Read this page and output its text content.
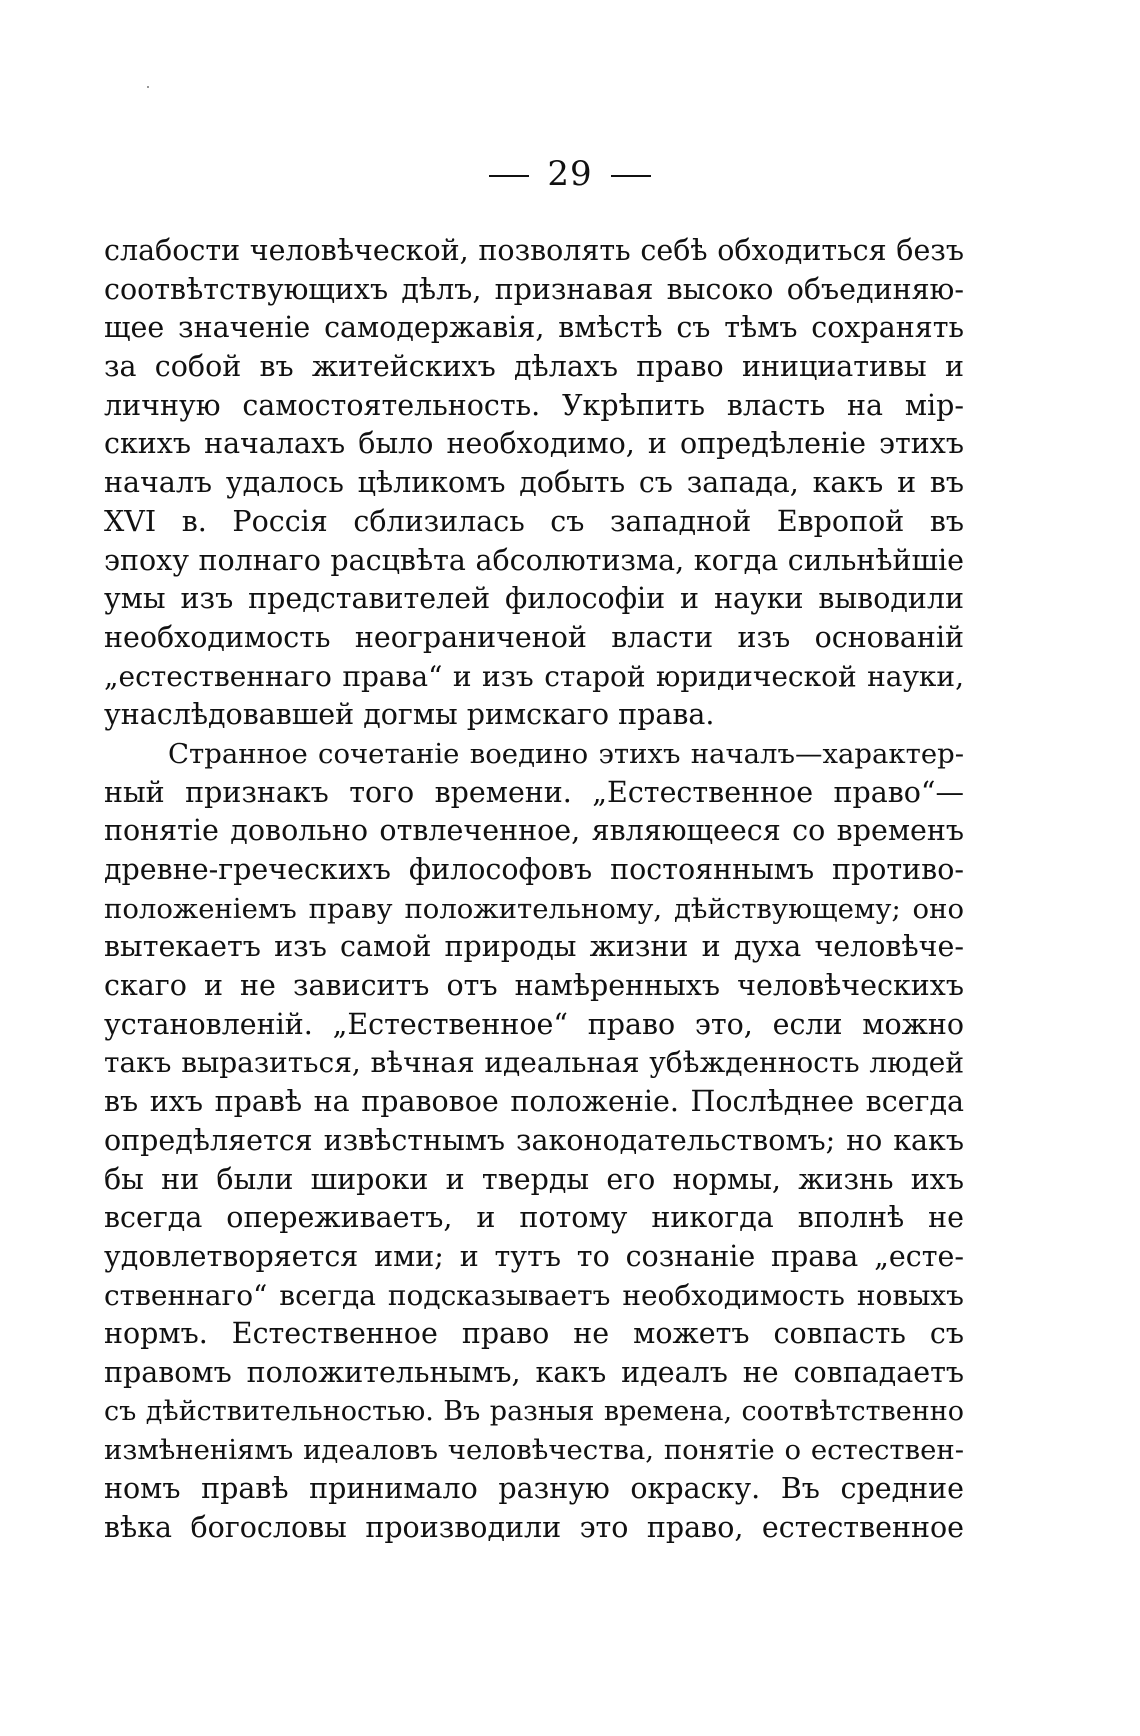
29
слабости человѣческой, позволять себѣ обходиться безъ
соотвѣтствующихъ дѣлъ, признавая высоко объединяю-
щее значенiе самодержавiя, вмѣстѣ съ тѣмъ сохранять
за собой въ житейскихъ дѣлахъ право инициативы и
личную самостоятельность. Укрѣпить власть на мiр-
скихъ началахъ было необходимо, и опредѣленiе этихъ
началъ удалось цѣликомъ добыть съ запада, какъ и въ
XVI в. Россiя сблизилась съ западной Европой въ
эпоху полнаго расцвѣта абсолютизма, когда сильнѣйшiе
умы изъ представителей философiи и науки выводили
необходимость неограниченой власти изъ основанiй
„естественнаго права“ и изъ старой юридической науки,
унаслѣдовавшей догмы римскаго права.
Странное сочетанiе воедино этихъ началъ—характер-
ный признакъ того времени. „Естественное право“—
понятiе довольно отвлеченное, являющееся со временъ
древне-греческихъ философовъ постояннымъ противо-
положенiемъ праву положительному, дѣйствующему; оно
вытекаетъ изъ самой природы жизни и духа человѣче-
скаго и не зависитъ отъ намѣренныхъ человѣческихъ
установленiй. „Естественное“ право это, если можно
такъ выразиться, вѣчная идеальная убѣжденность людей
въ ихъ правѣ на правовое положенiе. Послѣднее всегда
опредѣляется извѣстнымъ законодательствомъ; но какъ
бы ни были широки и тверды его нормы, жизнь ихъ
всегда опереживаетъ, и потому никогда вполнѣ не
удовлетворяется ими; и тутъ то сознанiе права „есте-
ственнаго“ всегда подсказываетъ необходимость новыхъ
нормъ. Естественное право не можетъ совпасть съ
правомъ положительнымъ, какъ идеалъ не совпадаетъ
съ дѣйствительностью. Въ разныя времена, соотвѣтственно
измѣненiямъ идеаловъ человѣчества, понятiе о естествен-
номъ правѣ принимало разную окраску. Въ средние
вѣка богословы производили это право, естественное
